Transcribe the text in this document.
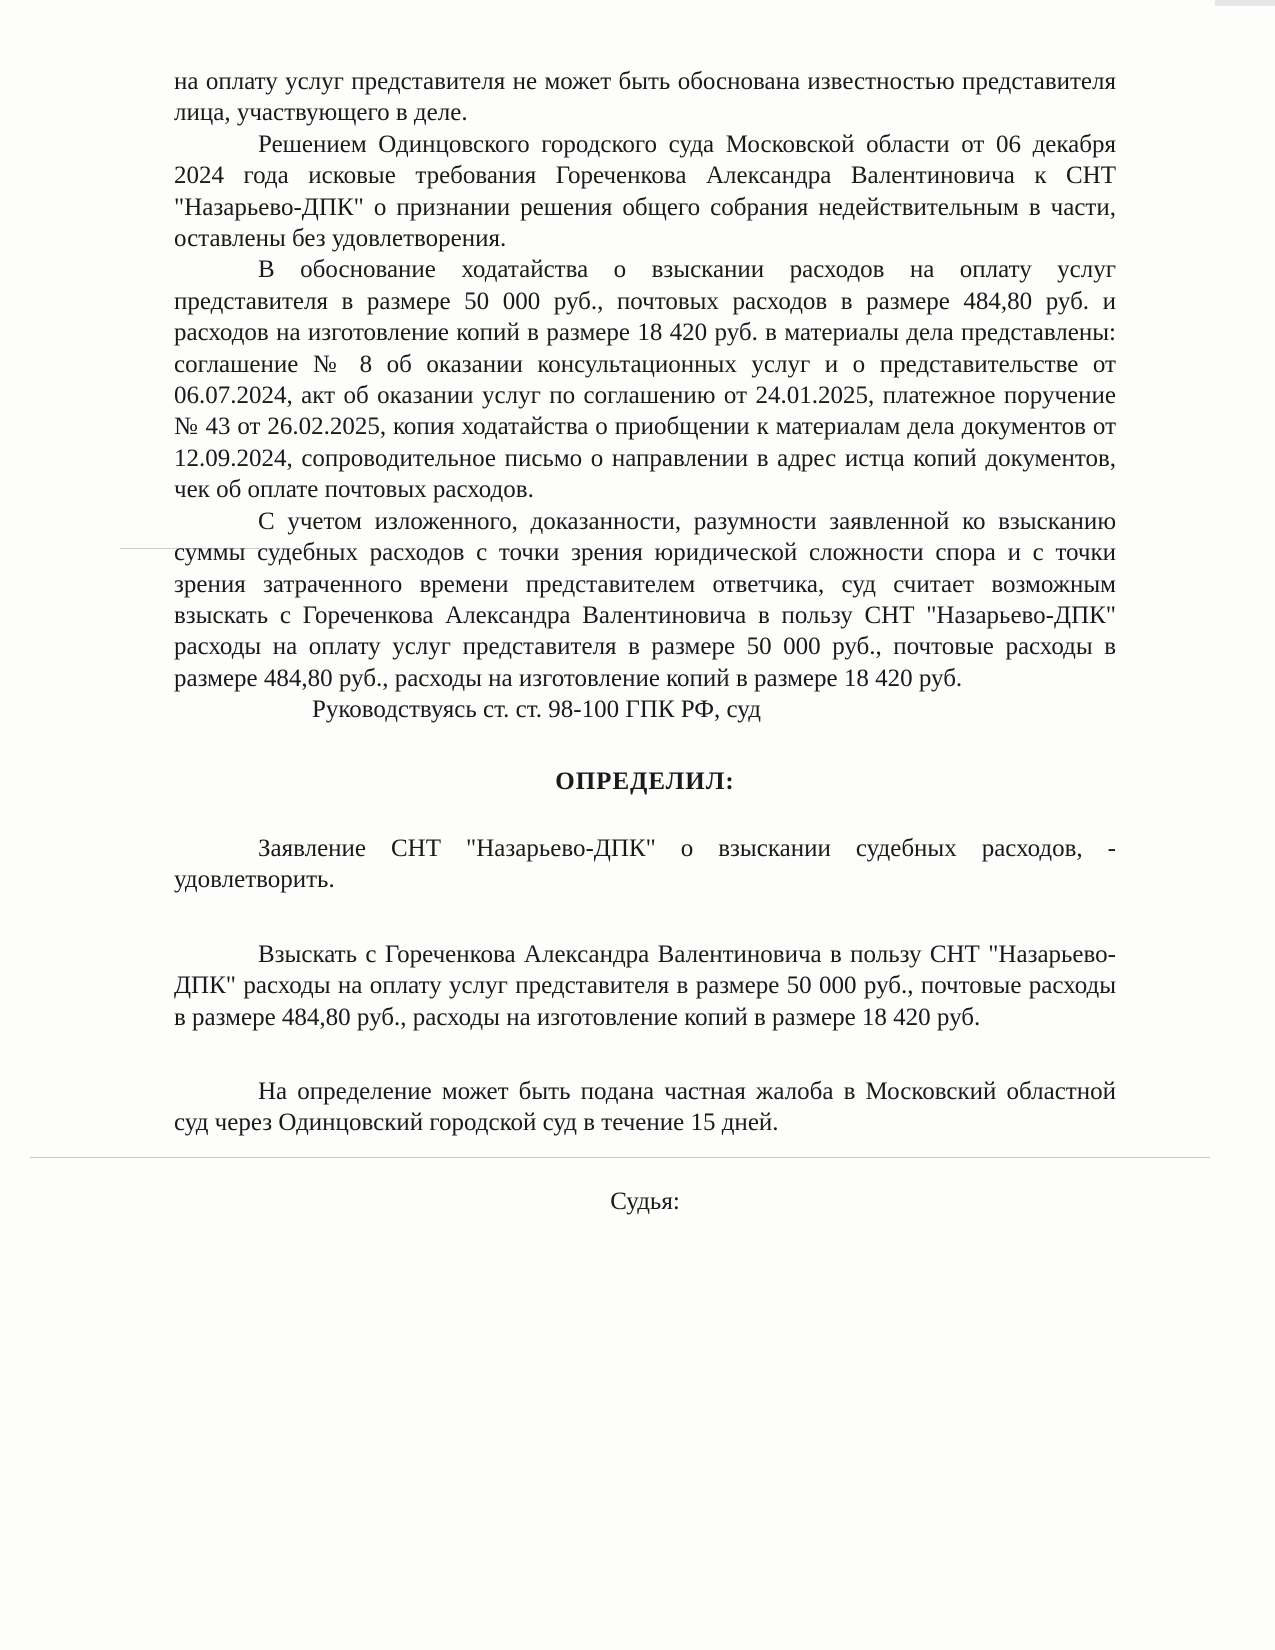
на оплату услуг представителя не может быть обоснована известностью представителя лица, участвующего в деле.

Решением Одинцовского городского суда Московской области от 06 декабря 2024 года исковые требования Гореченкова Александра Валентиновича к СНТ "Назарьево-ДПК" о признании решения общего собрания недействительным в части, оставлены без удовлетворения.

В обоснование ходатайства о взыскании расходов на оплату услуг представителя в размере 50 000 руб., почтовых расходов в размере 484,80 руб. и расходов на изготовление копий в размере 18 420 руб. в материалы дела представлены: соглашение № 8 об оказании консультационных услуг и о представительстве от 06.07.2024, акт об оказании услуг по соглашению от 24.01.2025, платежное поручение № 43 от 26.02.2025, копия ходатайства о приобщении к материалам дела документов от 12.09.2024, сопроводительное письмо о направлении в адрес истца копий документов, чек об оплате почтовых расходов.

С учетом изложенного, доказанности, разумности заявленной ко взысканию суммы судебных расходов с точки зрения юридической сложности спора и с точки зрения затраченного времени представителем ответчика, суд считает возможным взыскать с Гореченкова Александра Валентиновича в пользу СНТ "Назарьево-ДПК" расходы на оплату услуг представителя в размере 50 000 руб., почтовые расходы в размере 484,80 руб., расходы на изготовление копий в размере 18 420 руб.

Руководствуясь ст. ст. 98-100 ГПК РФ, суд

ОПРЕДЕЛИЛ:

Заявление СНТ "Назарьево-ДПК" о взыскании судебных расходов, - удовлетворить.

Взыскать с Гореченкова Александра Валентиновича в пользу СНТ "Назарьево-ДПК" расходы на оплату услуг представителя в размере 50 000 руб., почтовые расходы в размере 484,80 руб., расходы на изготовление копий в размере 18 420 руб.

На определение может быть подана частная жалоба в Московский областной суд через Одинцовский городской суд в течение 15 дней.

Судья:
